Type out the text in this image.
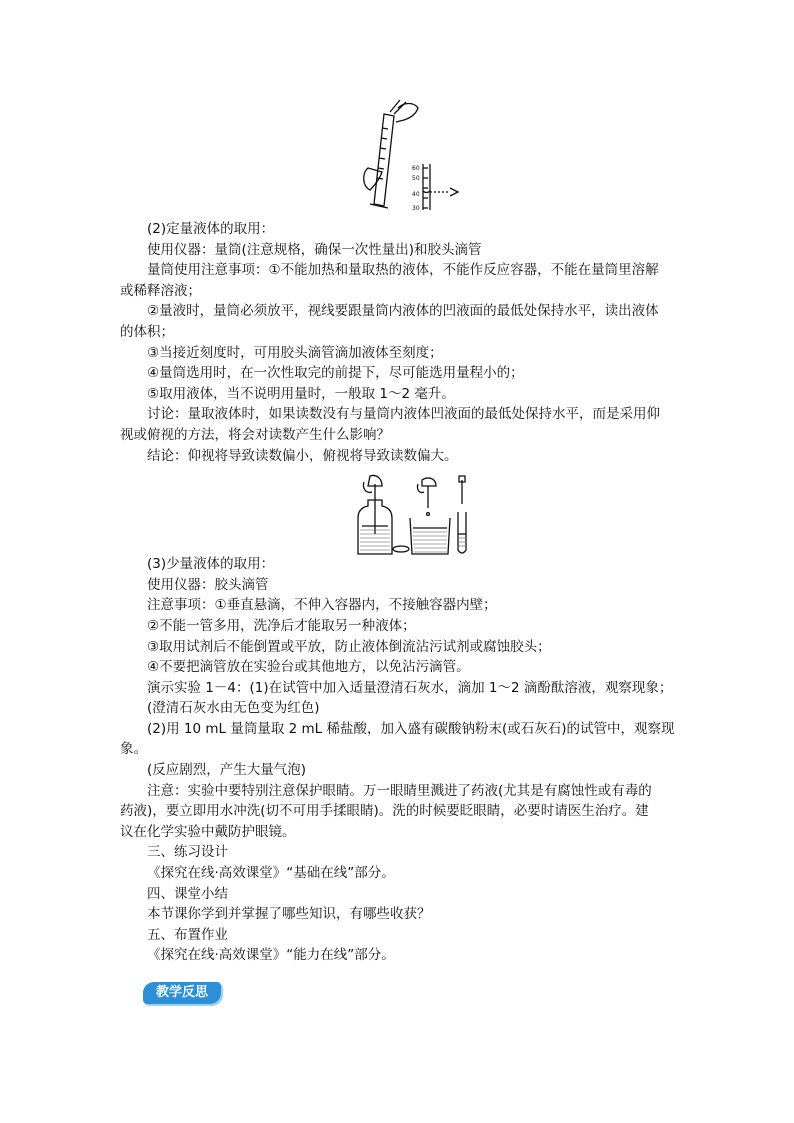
60
50
40
30
(2)定量液体的取用：
使用仪器：量筒(注意规格，确保一次性量出)和胶头滴管
量筒使用注意事项：①不能加热和量取热的液体，不能作反应容器，不能在量筒里溶解
或稀释溶液；
②量液时，量筒必须放平，视线要跟量筒内液体的凹液面的最低处保持水平，读出液体
的体积；
③当接近刻度时，可用胶头滴管滴加液体至刻度；
④量筒选用时，在一次性取完的前提下，尽可能选用量程小的；
⑤取用液体，当不说明用量时，一般取 1～2 毫升。
讨论：量取液体时，如果读数没有与量筒内液体凹液面的最低处保持水平，而是采用仰
视或俯视的方法，将会对读数产生什么影响？
结论：仰视将导致读数偏小，俯视将导致读数偏大。
(3)少量液体的取用：
使用仪器：胶头滴管
注意事项：①垂直悬滴，不伸入容器内，不接触容器内壁；
②不能一管多用，洗净后才能取另一种液体；
③取用试剂后不能倒置或平放，防止液体倒流沾污试剂或腐蚀胶头；
④不要把滴管放在实验台或其他地方，以免沾污滴管。
演示实验 1－4：(1)在试管中加入适量澄清石灰水，滴加 1～2 滴酚酞溶液，观察现象；
(澄清石灰水由无色变为红色)
(2)用 10 mL 量筒量取 2 mL 稀盐酸，加入盛有碳酸钠粉末(或石灰石)的试管中，观察现
象。
(反应剧烈，产生大量气泡)
注意：实验中要特别注意保护眼睛。万一眼睛里溅进了药液(尤其是有腐蚀性或有毒的
药液)，要立即用水冲洗(切不可用手揉眼睛)。洗的时候要眨眼睛，必要时请医生治疗。建
议在化学实验中戴防护眼镜。
三、练习设计
《探究在线·高效课堂》“基础在线”部分。
四、课堂小结
本节课你学到并掌握了哪些知识，有哪些收获？
五、布置作业
《探究在线·高效课堂》“能力在线”部分。
教学反思
